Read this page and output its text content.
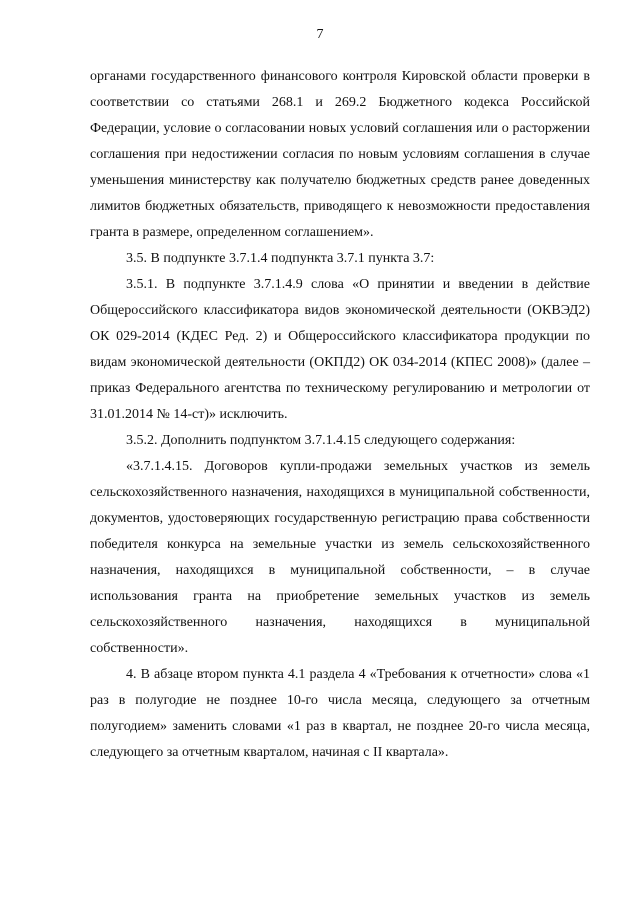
7

органами государственного финансового контроля Кировской области проверки в соответствии со статьями 268.1 и 269.2 Бюджетного кодекса Российской Федерации, условие о согласовании новых условий соглашения или о расторжении соглашения при недостижении согласия по новым условиям соглашения в случае уменьшения министерству как получателю бюджетных средств ранее доведенных лимитов бюджетных обязательств, приводящего к невозможности предоставления гранта в размере, определенном соглашением».

3.5. В подпункте 3.7.1.4 подпункта 3.7.1 пункта 3.7:

3.5.1. В подпункте 3.7.1.4.9 слова «О принятии и введении в действие Общероссийского классификатора видов экономической деятельности (ОКВЭД2) ОК 029-2014 (КДЕС Ред. 2) и Общероссийского классификатора продукции по видам экономической деятельности (ОКПД2) ОК 034-2014 (КПЕС 2008)» (далее – приказ Федерального агентства по техническому регулированию и метрологии от 31.01.2014 № 14-ст)» исключить.

3.5.2. Дополнить подпунктом 3.7.1.4.15 следующего содержания:

«3.7.1.4.15. Договоров купли-продажи земельных участков из земель сельскохозяйственного назначения, находящихся в муниципальной собственности, документов, удостоверяющих государственную регистрацию права собственности победителя конкурса на земельные участки из земель сельскохозяйственного назначения, находящихся в муниципальной собственности, – в случае использования гранта на приобретение земельных участков из земель сельскохозяйственного назначения, находящихся в муниципальной собственности».

4. В абзаце втором пункта 4.1 раздела 4 «Требования к отчетности» слова «1 раз в полугодие не позднее 10-го числа месяца, следующего за отчетным полугодием» заменить словами «1 раз в квартал, не позднее 20-го числа месяца, следующего за отчетным кварталом, начиная с II квартала».
